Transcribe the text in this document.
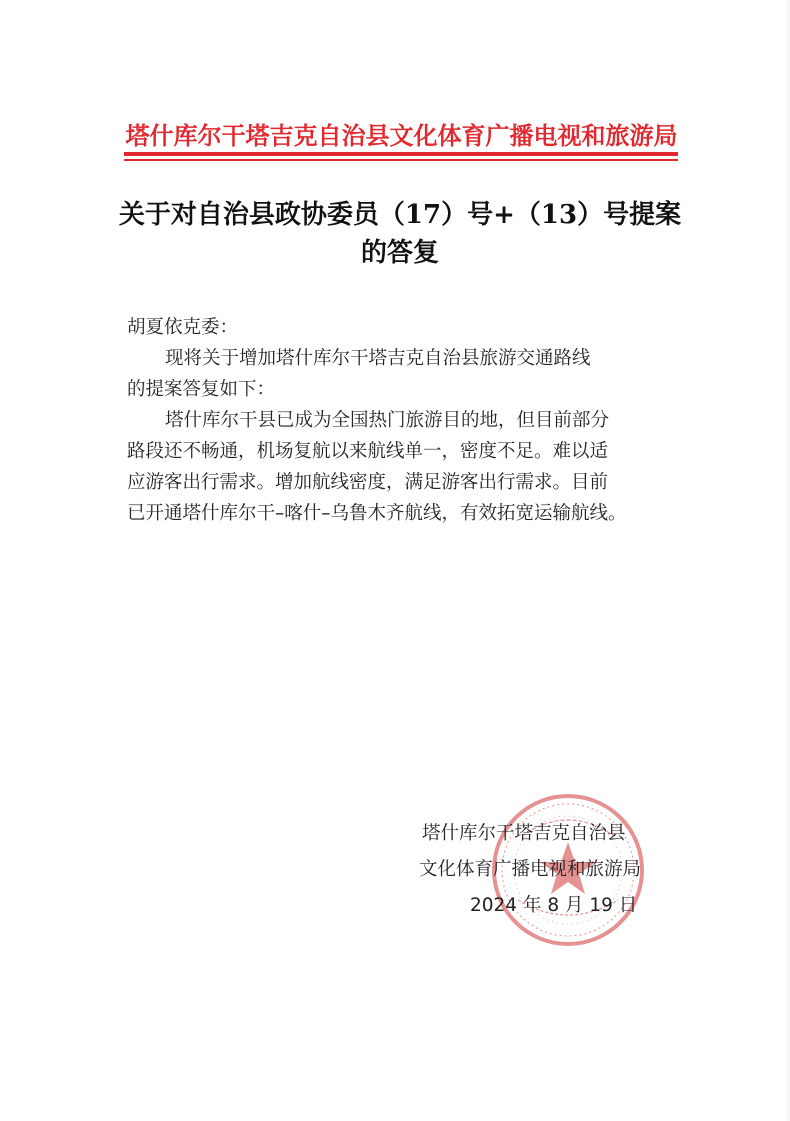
塔什库尔干塔吉克自治县文化体育广播电视和旅游局
关于对自治县政协委员（17）号+（13）号提案
的答复
胡夏依克委：
现将关于增加塔什库尔干塔吉克自治县旅游交通路线
的提案答复如下：
塔什库尔干县已成为全国热门旅游目的地，但目前部分
路段还不畅通，机场复航以来航线单一，密度不足。难以适
应游客出行需求。增加航线密度，满足游客出行需求。目前
已开通塔什库尔干–喀什–乌鲁木齐航线，有效拓宽运输航线。
塔什库尔干塔吉克自治县
文化体育广播电视和旅游局
2024 年 8 月 19 日
